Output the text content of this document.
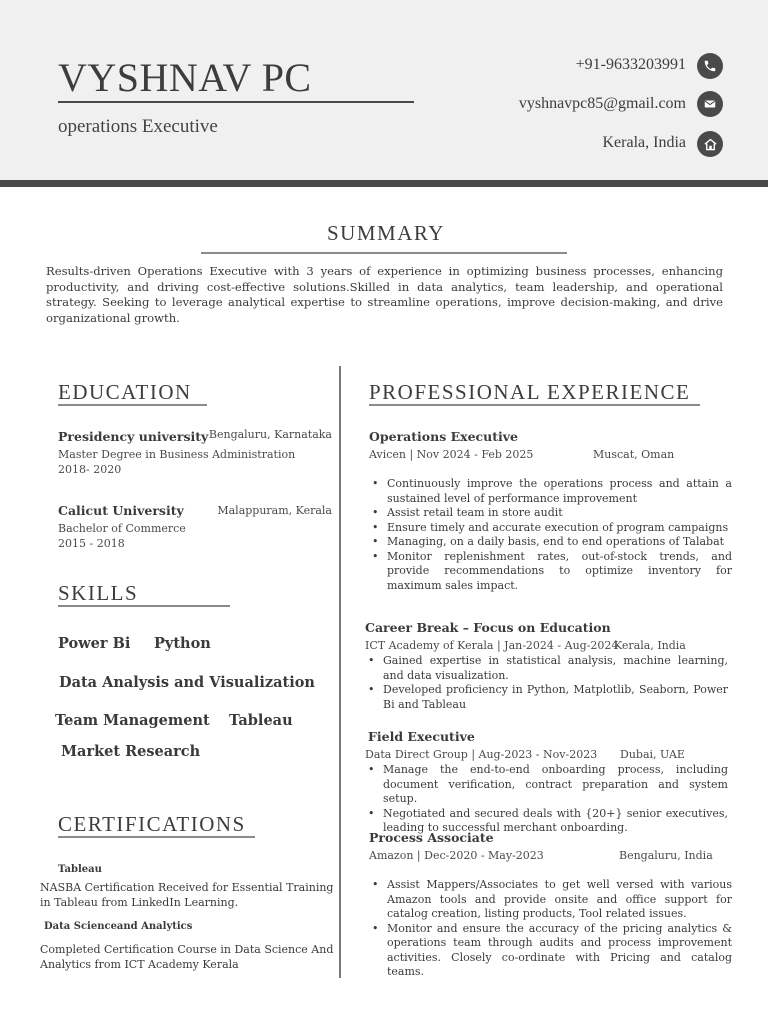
VYSHNAV PC
operations Executive
+91-9633203991
vyshnavpc85@gmail.com
Kerala, India
SUMMARY

Results-driven Operations Executive with 3 years of experience in optimizing business processes, enhancing productivity, and driving cost-effective solutions.Skilled in data analytics, team leadership, and operational strategy. Seeking to leverage analytical expertise to streamline operations, improve decision-making, and drive organizational growth.

EDUCATION
Presidency university Bengaluru, Karnataka
Master Degree in Business Administration
2018- 2020
Calicut University	Malappuram, Kerala
Bachelor of Commerce
2015 - 2018
SKILLS
Power Bi Python
Data Analysis and Visualization
Team Management Tableau
Market Research
CERTIFICATIONS
Tableau
NASBA Certification Received for Essential Training in Tableau from LinkedIn Learning.
Data Scienceand Analytics
Completed Certification Course in Data Science And Analytics from ICT Academy Kerala
PROFESSIONAL EXPERIENCE
Operations Executive
Avicen | Nov 2024 - Feb 2025	Muscat, Oman
• Continuously improve the operations process and attain a sustained level of performance improvement
• Assist retail team in store audit
• Ensure timely and accurate execution of program campaigns
• Managing, on a daily basis, end to end operations of Talabat
• Monitor replenishment rates, out-of-stock trends, and provide recommendations to optimize inventory for maximum sales impact.
Career Break – Focus on Education
ICT Academy of Kerala | Jan-2024 - Aug-2024
Kerala, India
• Gained expertise in statistical analysis, machine learning, and data visualization.
• Developed proficiency in Python, Matplotlib, Seaborn, Power Bi and Tableau
Field Executive
Data Direct Group | Aug-2023 - Nov-2023 Dubai, UAE
• Manage the end-to-end onboarding process, including document verification, contract preparation and system setup.
• Negotiated and secured deals with {20+} senior executives, leading to successful merchant onboarding.
Process Associate
Amazon | Dec-2020 - May-2023	Bengaluru, India
• Assist Mappers/Associates to get well versed with various Amazon tools and provide onsite and office support for catalog creation, listing products, Tool related issues.
• Monitor and ensure the accuracy of the pricing analytics & operations team through audits and process improvement activities. Closely co-ordinate with Pricing and catalog teams.
